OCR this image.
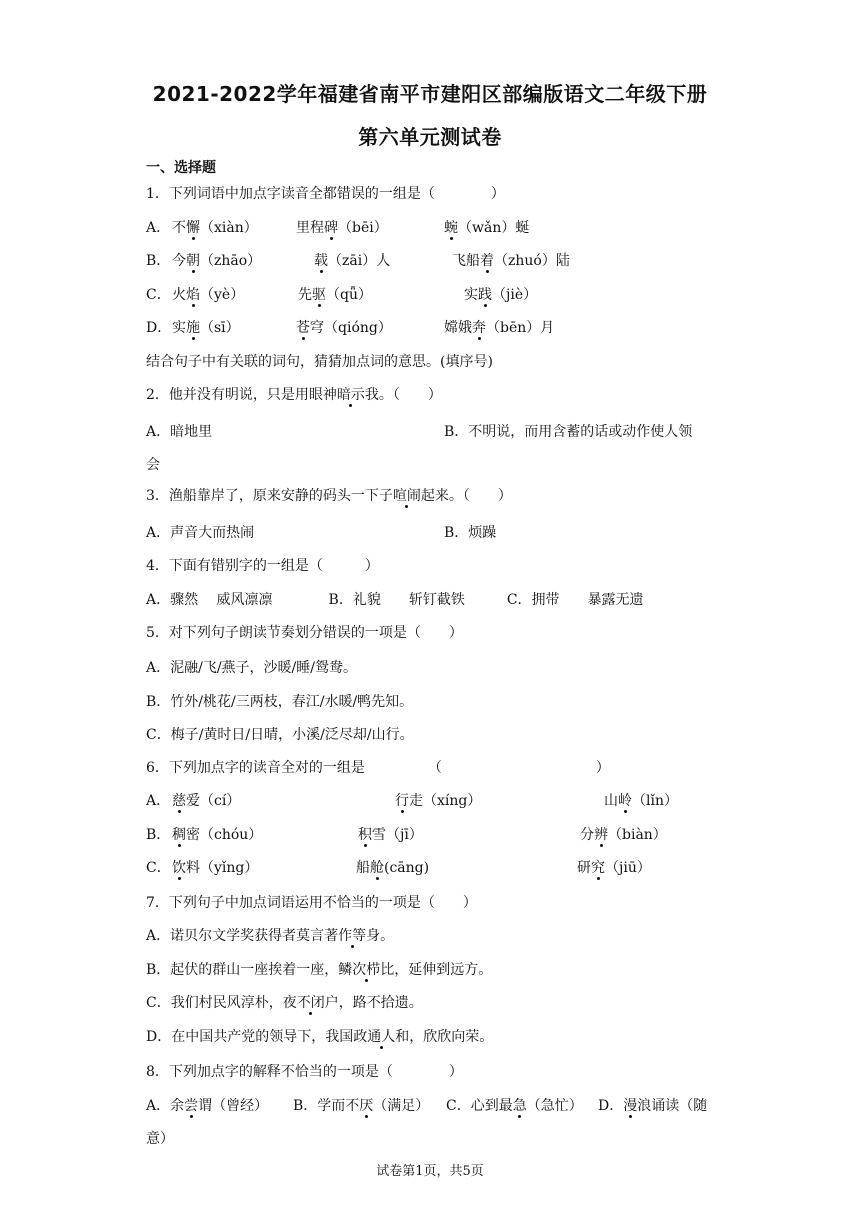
2021-2022学年福建省南平市建阳区部编版语文二年级下册
第六单元测试卷
一、选择题
1．下列词语中加点字读音全都错误的一组是（　　　　）
A． 不懈（xiàn）	里程碑（bēi）	蜿（wǎn）蜒
B． 今朝（zhāo）	载（zāi）人	飞船着（zhuó）陆
C． 火焰（yè）	先驱（qǖ）	实践（jiè）
D． 实施（sī）	苍穹（qióng）	嫦娥奔（bēn）月
结合句子中有关联的词句，猜猜加点词的意思。(填序号)
2．他并没有明说，只是用眼神暗示我。（　　）
A．暗地里	B．不明说，而用含蓄的话或动作使人领
会
3．渔船靠岸了，原来安静的码头一下子喧闹起来。（　　）
A．声音大而热闹	B．烦躁
4．下面有错别字的一组是（　　　）
A．骤然　 威风凛凛　　　　B．礼貌　　斩钉截铁　　　C．拥带　　暴露无遗
5．对下列句子朗读节奏划分错误的一项是（　　）
A．泥融/飞/燕子，沙暖/睡/鸳鸯。
B．竹外/桃花/三两枝，春江/水暖/鸭先知。
C．梅子/黄时日/日晴，小溪/泛尽却/山行。
6．下列加点字的读音全对的一组是　　　　　（　　　　　　　　　　　）
A． 慈爱（cí）	行走（xíng）	山岭（lǐn）
B． 稠密（chóu）	积雪（jī）	分辨（biàn）
C． 饮料（yǐng）	船舱(cāng)	研究（jiū）
7．下列句子中加点词语运用不恰当的一项是（　　）
A．诺贝尔文学奖获得者莫言著作等身。
B．起伏的群山一座挨着一座，鳞次栉比，延伸到远方。
C．我们村民风淳朴，夜不闭户，路不拾遗。
D．在中国共产党的领导下，我国政通人和，欣欣向荣。
8．下列加点字的解释不恰当的一项是（　　　　）
A．余尝谓（曾经）　 B．学而不厌（满足） C．心到最急（急忙） D．漫浪诵读（随
意）
试卷第1页，共5页
